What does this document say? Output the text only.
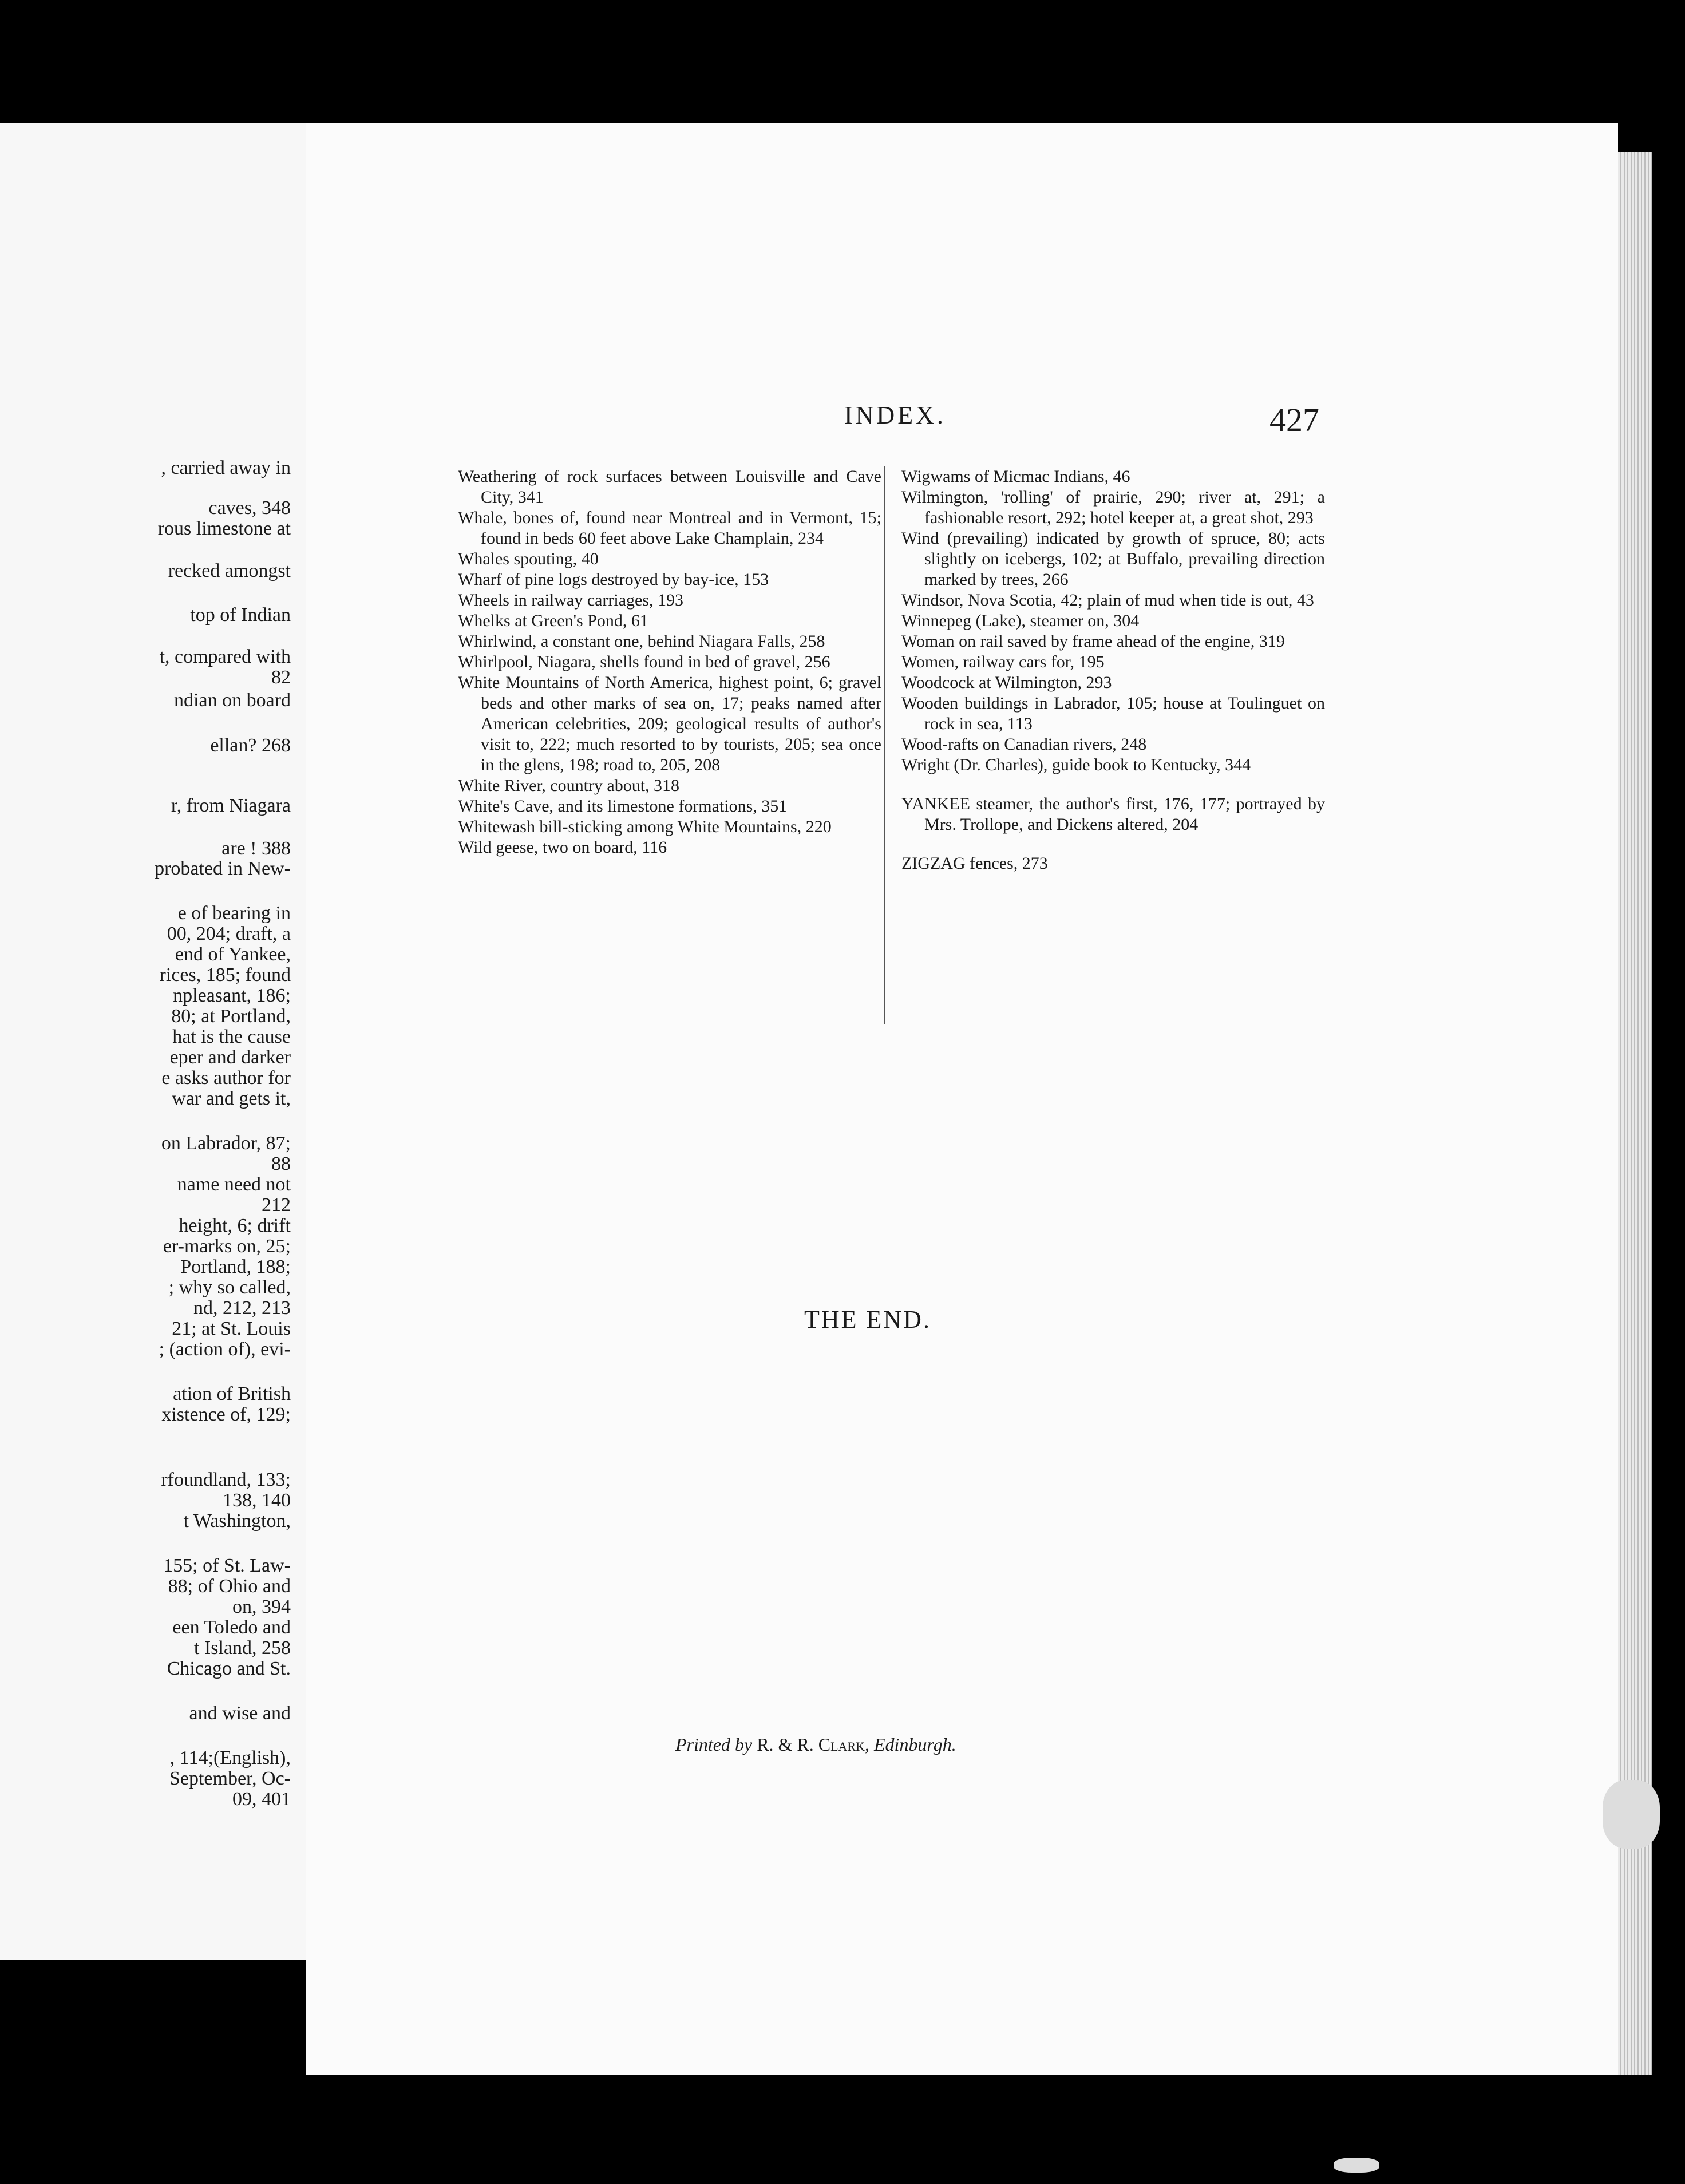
, carried away in
caves, 348
rous limestone at
recked amongst
top of Indian
t, compared with
82
ndian on board
ellan? 268
r, from Niagara
are ! 388
probated in New-
e of bearing in
00, 204; draft, a
end of Yankee,
rices, 185; found
npleasant, 186;
80; at Portland,
hat is the cause
eper and darker
e asks author for
war and gets it,
on Labrador, 87;
88
name need not
212
height, 6; drift
er-marks on, 25;
Portland, 188;
; why so called,
nd, 212, 213
21; at St. Louis
; (action of), evi-
ation of British
xistence of, 129;
rfoundland, 133;
138, 140
t Washington,
155; of St. Law-
88; of Ohio and
on, 394
een Toledo and
t Island, 258
Chicago and St.
and wise and
, 114;(English),
September, Oc-
09, 401
INDEX.	427

Weathering of rock surfaces between Louisville and Cave City, 341

Whale, bones of, found near Montreal and in Vermont, 15; found in beds 60 feet above Lake Champlain, 234

Whales spouting, 40

Wharf of pine logs destroyed by bay-ice, 153

Wheels in railway carriages, 193

Whelks at Green's Pond, 61

Whirlwind, a constant one, behind Niagara Falls, 258

Whirlpool, Niagara, shells found in bed of gravel, 256

White Mountains of North America, highest point, 6; gravel beds and other marks of sea on, 17; peaks named after American celebrities, 209; geological results of author's visit to, 222; much resorted to by tourists, 205; sea once in the glens, 198; road to, 205, 208

White River, country about, 318

White's Cave, and its limestone formations, 351

Whitewash bill-sticking among White Mountains, 220

Wild geese, two on board, 116

Wigwams of Micmac Indians, 46

Wilmington, 'rolling' of prairie, 290; river at, 291; a fashionable resort, 292; hotel keeper at, a great shot, 293

Wind (prevailing) indicated by growth of spruce, 80; acts slightly on icebergs, 102; at Buffalo, prevailing direction marked by trees, 266

Windsor, Nova Scotia, 42; plain of mud when tide is out, 43

Winnepeg (Lake), steamer on, 304

Woman on rail saved by frame ahead of the engine, 319

Women, railway cars for, 195

Woodcock at Wilmington, 293

Wooden buildings in Labrador, 105; house at Toulinguet on rock in sea, 113

Wood-rafts on Canadian rivers, 248

Wright (Dr. Charles), guide book to Kentucky, 344

YANKEE steamer, the author's first, 176, 177; portrayed by Mrs. Trollope, and Dickens altered, 204

ZIGZAG fences, 273

THE END.
Printed by R. & R. Clark, Edinburgh.
